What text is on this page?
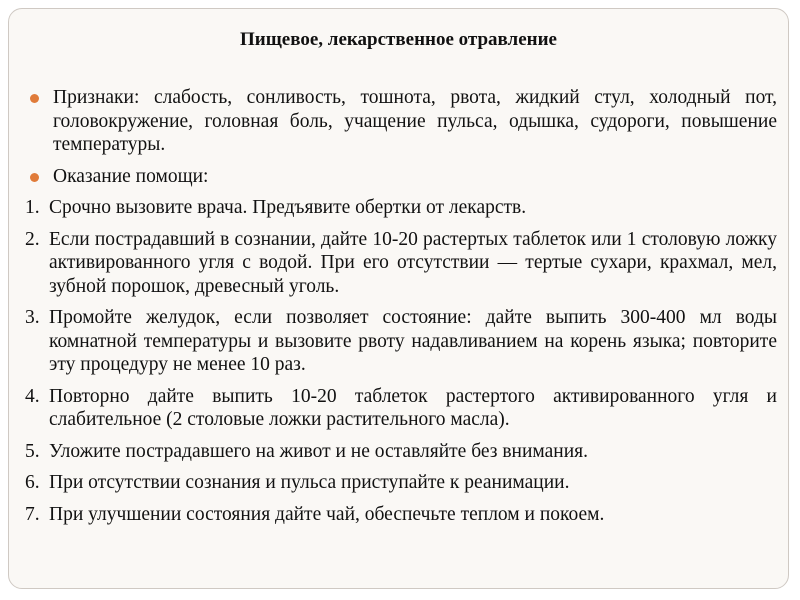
Пищевое, лекарственное отравление
Признаки: слабость, сонливость, тошнота, рвота, жидкий стул, холодный пот, головокружение, головная боль, учащение пульса, одышка, судороги, повышение температуры.
Оказание помощи:
1. Срочно вызовите врача. Предъявите обертки от лекарств.
2. Если пострадавший в сознании, дайте 10-20 растертых таблеток или 1 столовую ложку активированного угля с водой. При его отсутствии — тертые сухари, крахмал, мел, зубной порошок, древесный уголь.
3. Промойте желудок, если позволяет состояние: дайте выпить 300-400 мл воды комнатной температуры и вызовите рвоту надавливанием на корень языка; повторите эту процедуру не менее 10 раз.
4. Повторно дайте выпить 10-20 таблеток растертого активированного угля и слабительное (2 столовые ложки растительного масла).
5. Уложите пострадавшего на живот и не оставляйте без внимания.
6. При отсутствии сознания и пульса приступайте к реанимации.
7. При улучшении состояния дайте чай, обеспечьте теплом и покоем.
